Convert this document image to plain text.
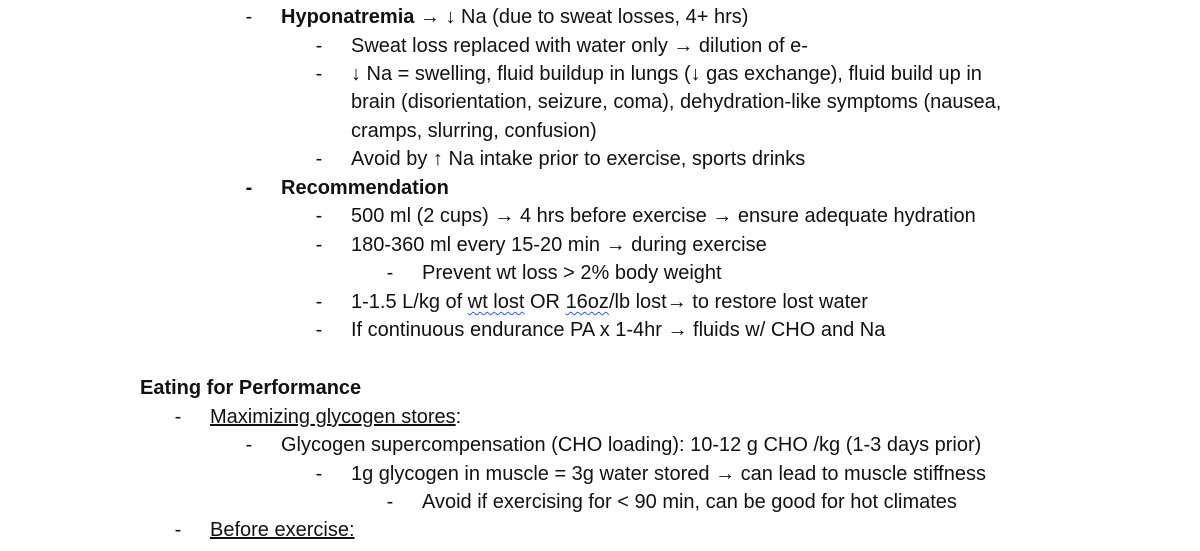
- Hyponatremia → ↓ Na (due to sweat losses, 4+ hrs)
- Sweat loss replaced with water only → dilution of e-
- ↓ Na = swelling, fluid buildup in lungs (↓ gas exchange), fluid build up in
brain (disorientation, seizure, coma), dehydration-like symptoms (nausea,
cramps, slurring, confusion)
- Avoid by ↑ Na intake prior to exercise, sports drinks
- Recommendation
- 500 ml (2 cups) → 4 hrs before exercise → ensure adequate hydration
- 180-360 ml every 15-20 min → during exercise
- Prevent wt loss > 2% body weight
- 1-1.5 L/kg of wt lost OR 16oz/lb lost→ to restore lost water
- If continuous endurance PA x 1-4hr → fluids w/ CHO and Na
Eating for Performance
- Maximizing glycogen stores:
- Glycogen supercompensation (CHO loading): 10-12 g CHO /kg (1-3 days prior)
- 1g glycogen in muscle = 3g water stored → can lead to muscle stiffness
- Avoid if exercising for < 90 min, can be good for hot climates
- Before exercise:
